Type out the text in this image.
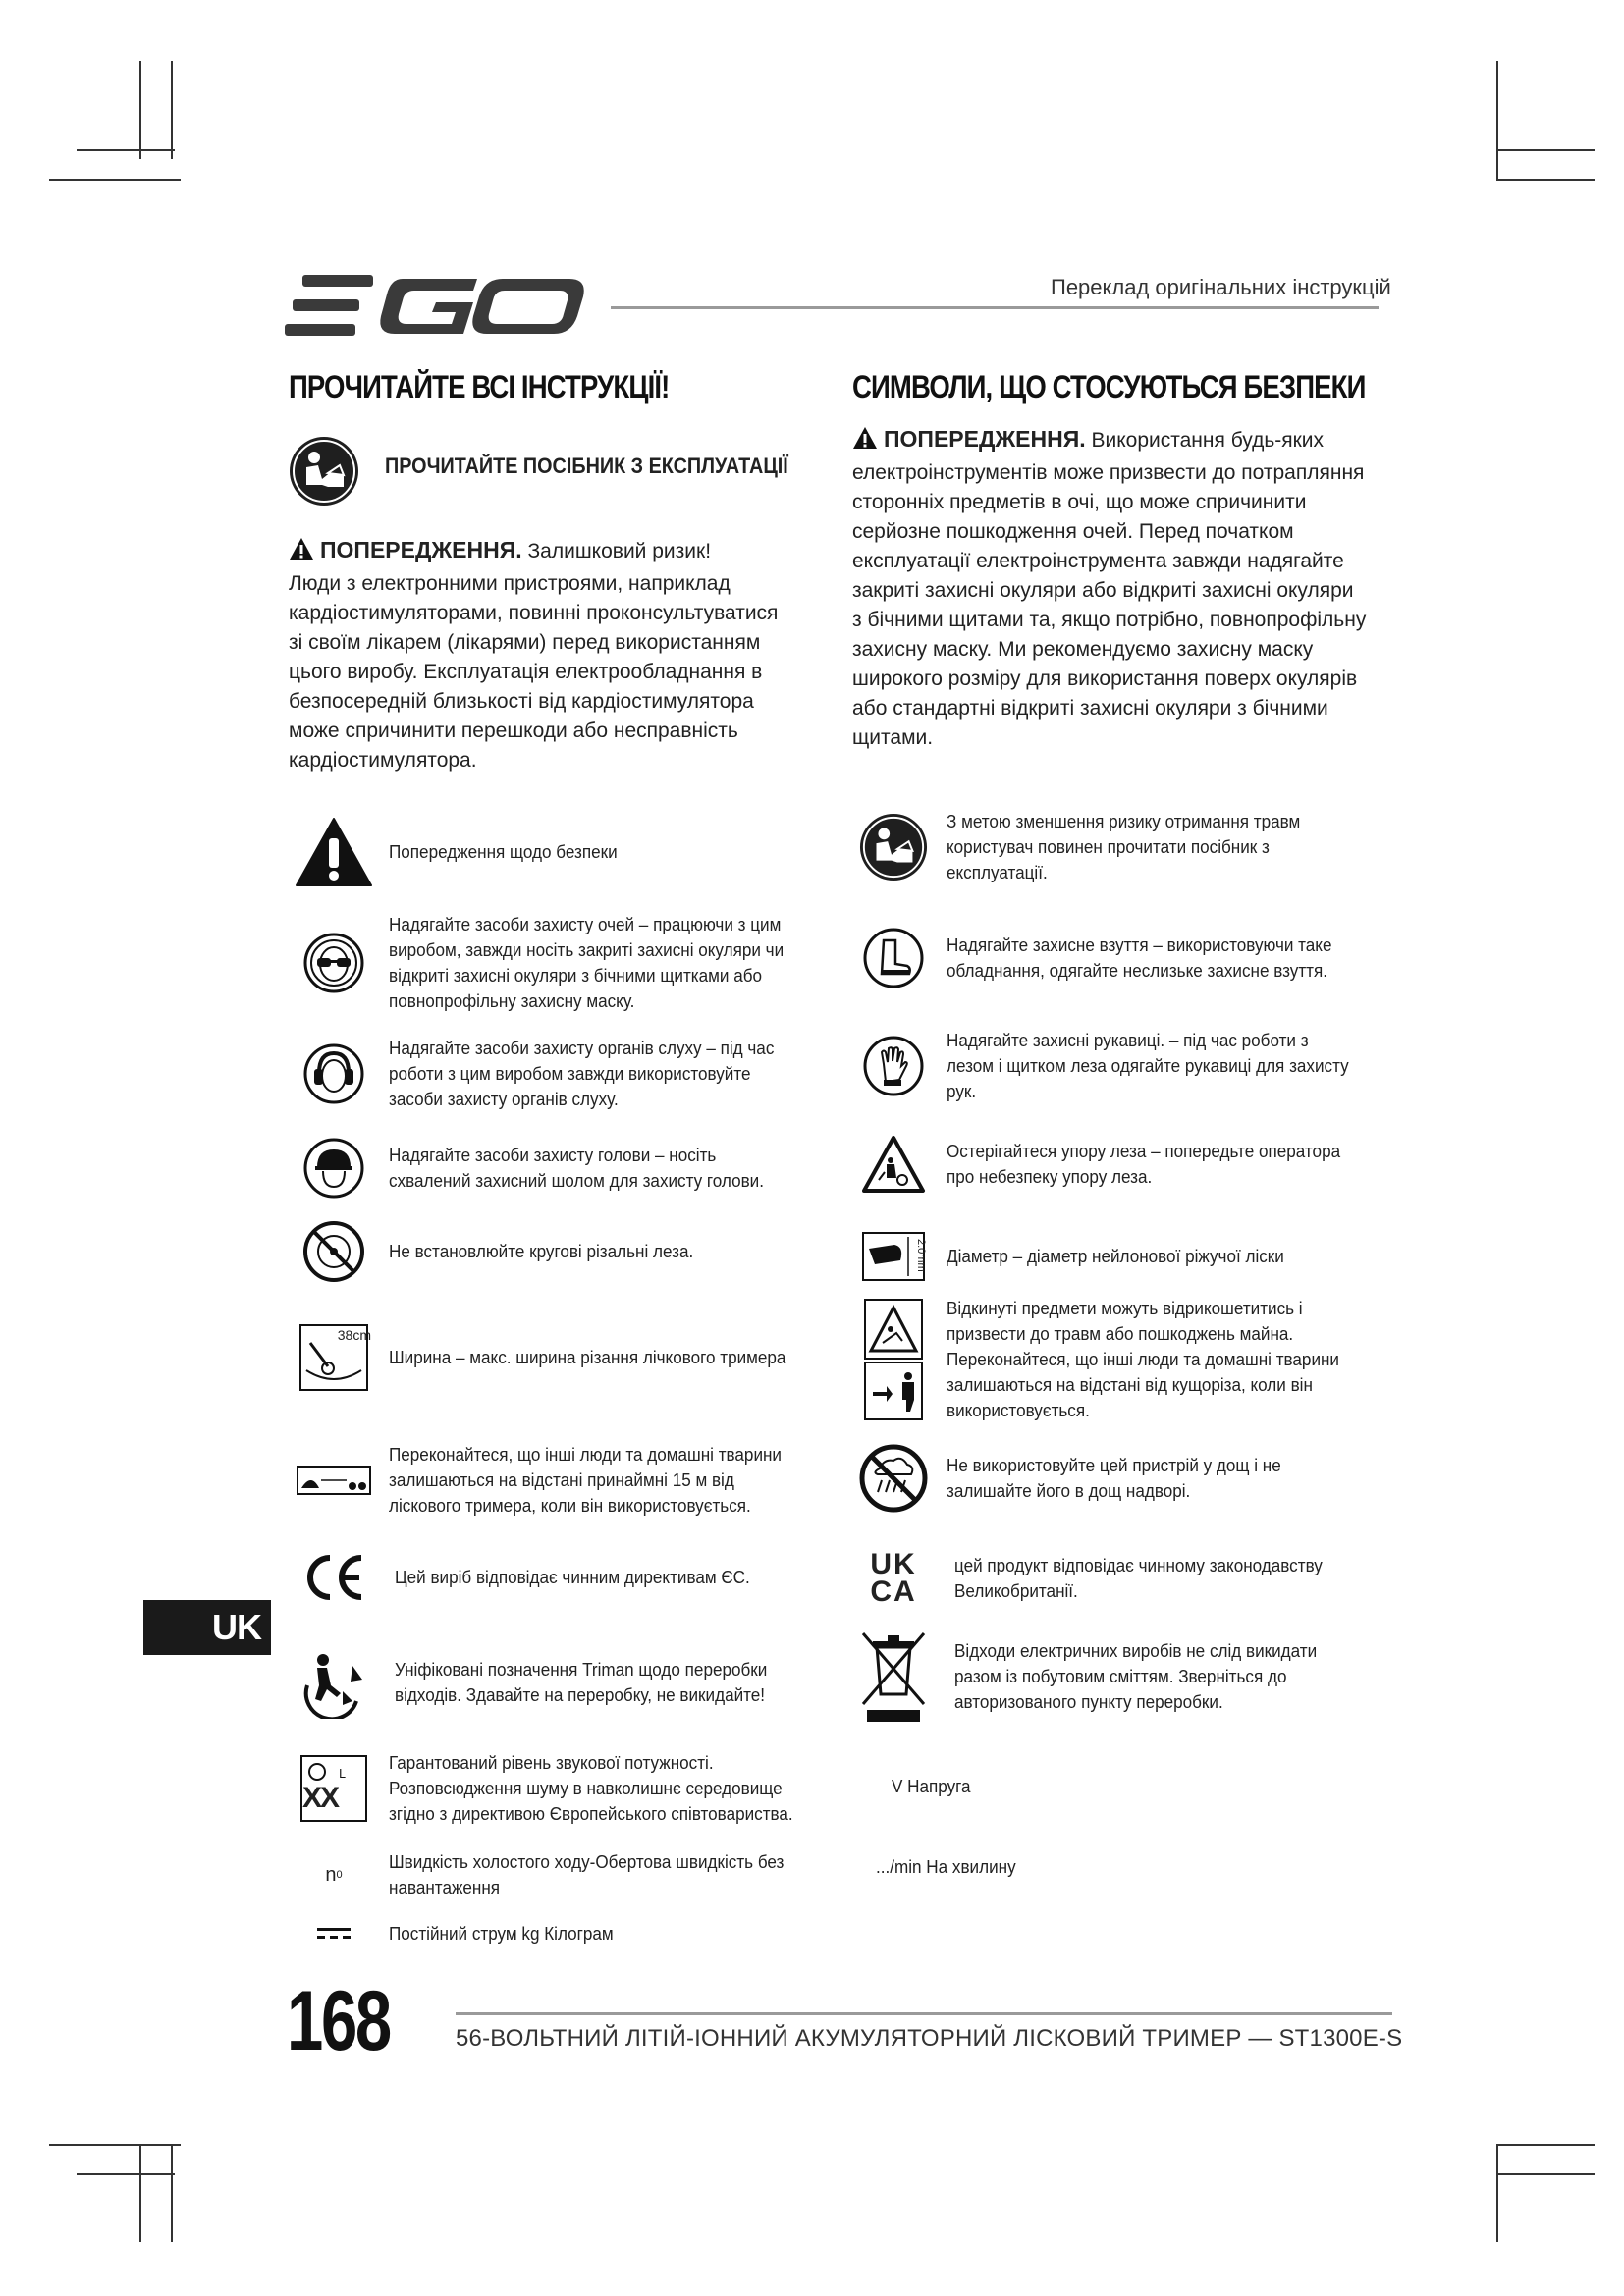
EGO
Переклад оригінальних інструкцій
ПРОЧИТАЙТЕ ВСІ ІНСТРУКЦІЇ!
ПРОЧИТАЙТЕ ПОСІБНИК З ЕКСПЛУАТАЦІЇ
ПОПЕРЕДЖЕННЯ. Залишковий ризик!
Люди з електронними пристроями, наприклад
кардіостимуляторами, повинні проконсультуватися
зі своїм лікарем (лікарями) перед використанням
цього виробу. Експлуатація електрообладнання в
безпосередній близькості від кардіостимулятора
може спричинити перешкоди або несправність
кардіостимулятора.
СИМВОЛИ, ЩО СТОСУЮТЬСЯ БЕЗПЕКИ
ПОПЕРЕДЖЕННЯ. Використання будь-яких
електроінструментів може призвести до потрапляння
сторонніх предметів в очі, що може спричинити
серйозне пошкодження очей. Перед початком
експлуатації електроінструмента завжди надягайте
закриті захисні окуляри або відкриті захисні окуляри
з бічними щитами та, якщо потрібно, повнопрофільну
захисну маску. Ми рекомендуємо захисну маску
широкого розміру для використання поверх окулярів
або стандартні відкриті захисні окуляри з бічними
щитами.
Попередження щодо безпеки
Надягайте засоби захисту очей – працюючи з цим виробом, завжди носіть закриті захисні окуляри чи відкриті захисні окуляри з бічними щитками або повнопрофільну захисну маску.
Надягайте засоби захисту органів слуху – під час роботи з цим виробом завжди використовуйте засоби захисту органів слуху.
Надягайте засоби захисту голови – носіть схвалений захисний шолом для захисту голови.
Не встановлюйте кругові різальні леза.
38cm
Ширина – макс. ширина різання лічкового тримера
Переконайтеся, що інші люди та домашні тварини залишаються на відстані принаймні 15 м від ліскового тримера, коли він використовується.
Цей виріб відповідає чинним директивам ЄС.
Уніфіковані позначення Triman щодо переробки відходів. Здавайте на переробку, не викидайте!
L
XX
Гарантований рівень звукової потужності. Розповсюдження шуму в навколишнє середовище згідно з директивою Європейського співтовариства.
n 0
Швидкість холостого ходу-Обертова швидкість без навантаження
Постійний струм kg Кілограм
З метою зменшення ризику отримання травм користувач повинен прочитати посібник з експлуатації.
Надягайте захисне взуття – використовуючи таке обладнання, одягайте неслизьке захисне взуття.
Надягайте захисні рукавиці. – під час роботи з лезом і щитком леза одягайте рукавиці для захисту рук.
Остерігайтеся упору леза – попередьте оператора про небезпеку упору леза.
2.0mm Діаметр – діаметр нейлонової ріжучої ліски
Відкинуті предмети можуть відрикошетитись і призвести до травм або пошкоджень майна. Переконайтеся, що інші люди та домашні тварини залишаються на відстані від кущоріза, коли він використовується.
Не використовуйте цей пристрій у дощ і не залишайте його в дощ надворі.
UK
CA
цей продукт відповідає чинному законодавству Великобританії.
Відходи електричних виробів не слід викидати разом із побутовим сміттям. Зверніться до авторизованого пункту переробки.
V Напруга
.../min На хвилину
UK
168	56-ВОЛЬТНИЙ ЛІТІЙ-ІОННИЙ АКУМУЛЯТОРНИЙ ЛІСКОВИЙ ТРИМЕР — ST1300E-S
